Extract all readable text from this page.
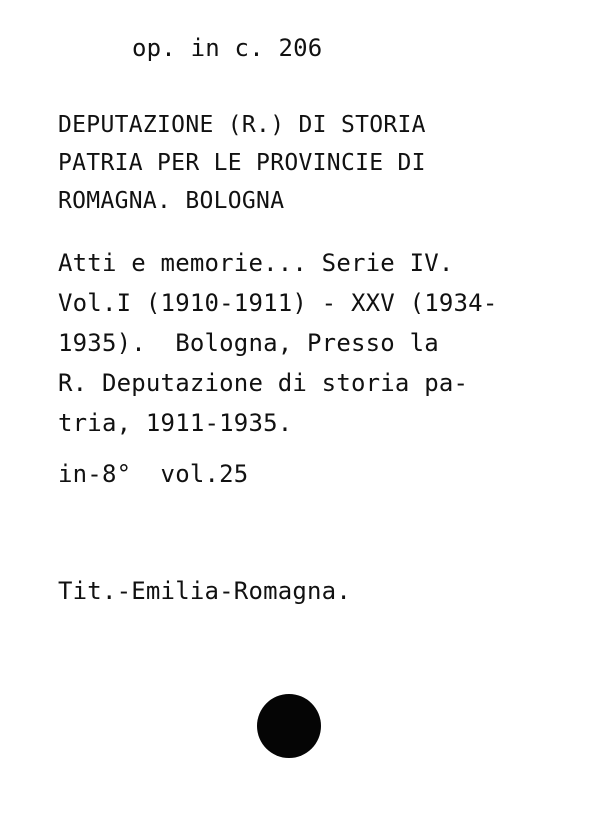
op. in c. 206
DEPUTAZIONE (R.) DI STORIA
PATRIA PER LE PROVINCIE DI
ROMAGNA. BOLOGNA
Atti e memorie... Serie IV.
Vol.I (1910-1911) - XXV (1934-
1935).  Bologna, Presso la
R. Deputazione di storia pa-
tria, 1911-1935.
in-8°  vol.25
Tit.-Emilia-Romagna.
